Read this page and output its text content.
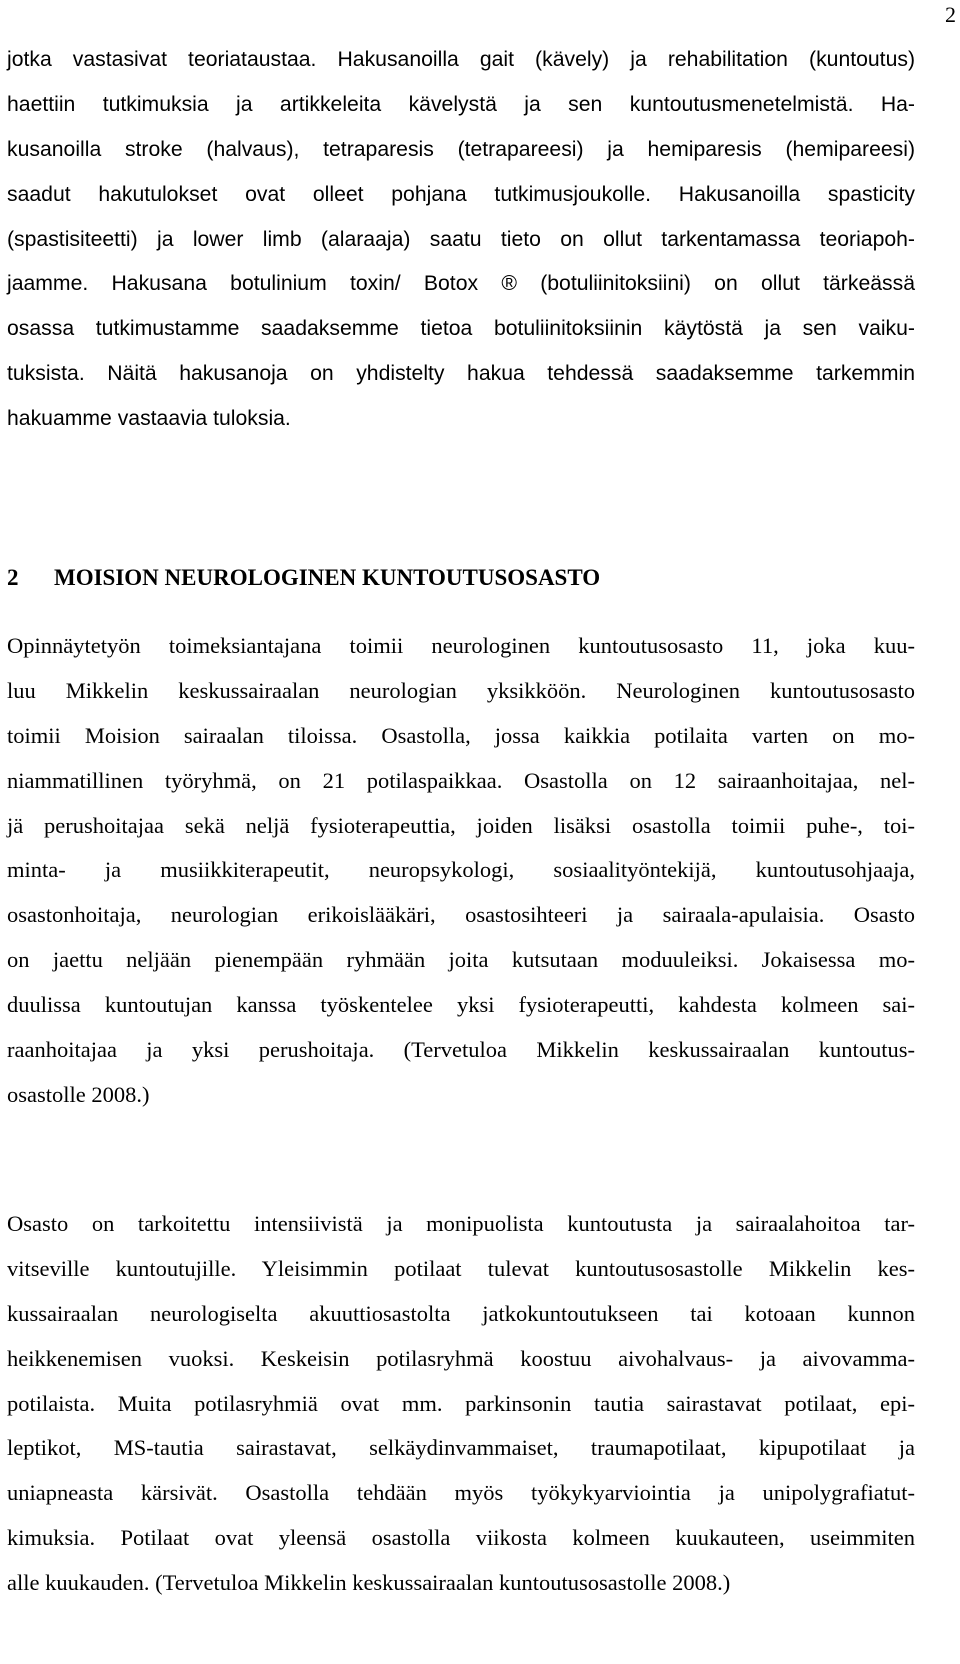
2
jotka vastasivat teoriataustaa. Hakusanoilla gait (kävely) ja rehabilitation (kuntoutus)
haettiin tutkimuksia ja artikkeleita kävelystä ja sen kuntoutusmenetelmistä. Ha-
kusanoilla stroke (halvaus), tetraparesis (tetrapareesi) ja hemiparesis (hemipareesi)
saadut hakutulokset ovat olleet pohjana tutkimusjoukolle. Hakusanoilla spasticity
(spastisiteetti) ja lower limb (alaraaja) saatu tieto on ollut tarkentamassa teoriapoh-
jaamme. Hakusana botulinium toxin/ Botox ® (botuliinitoksiini) on ollut tärkeässä
osassa tutkimustamme saadaksemme tietoa botuliinitoksiinin käytöstä ja sen vaiku-
tuksista. Näitä hakusanoja on yhdistelty hakua tehdessä saadaksemme tarkemmin
hakuamme vastaavia tuloksia.
2 MOISION NEUROLOGINEN KUNTOUTUSOSASTO
Opinnäytetyön toimeksiantajana toimii neurologinen kuntoutusosasto 11, joka kuu-
luu Mikkelin keskussairaalan neurologian yksikköön. Neurologinen kuntoutusosasto
toimii Moision sairaalan tiloissa. Osastolla, jossa kaikkia potilaita varten on mo-
niammatillinen työryhmä, on 21 potilaspaikkaa. Osastolla on 12 sairaanhoitajaa, nel-
jä perushoitajaa sekä neljä fysioterapeuttia, joiden lisäksi osastolla toimii puhe-, toi-
minta- ja musiikkiterapeutit, neuropsykologi, sosiaalityöntekijä, kuntoutusohjaaja,
osastonhoitaja, neurologian erikoislääkäri, osastosihteeri ja sairaala-apulaisia. Osasto
on jaettu neljään pienempään ryhmään joita kutsutaan moduuleiksi. Jokaisessa mo-
duulissa kuntoutujan kanssa työskentelee yksi fysioterapeutti, kahdesta kolmeen sai-
raanhoitajaa ja yksi perushoitaja. (Tervetuloa Mikkelin keskussairaalan kuntoutus-
osastolle 2008.)
Osasto on tarkoitettu intensiivistä ja monipuolista kuntoutusta ja sairaalahoitoa tar-
vitseville kuntoutujille. Yleisimmin potilaat tulevat kuntoutusosastolle Mikkelin kes-
kussairaalan neurologiselta akuuttiosastolta jatkokuntoutukseen tai kotoaan kunnon
heikkenemisen vuoksi. Keskeisin potilasryhmä koostuu aivohalvaus- ja aivovamma-
potilaista. Muita potilasryhmiä ovat mm. parkinsonin tautia sairastavat potilaat, epi-
leptikot, MS-tautia sairastavat, selkäydinvammaiset, traumapotilaat, kipupotilaat ja
uniapneasta kärsivät. Osastolla tehdään myös työkykyarviointia ja unipolygrafiatut-
kimuksia. Potilaat ovat yleensä osastolla viikosta kolmeen kuukauteen, useimmiten
alle kuukauden. (Tervetuloa Mikkelin keskussairaalan kuntoutusosastolle 2008.)
